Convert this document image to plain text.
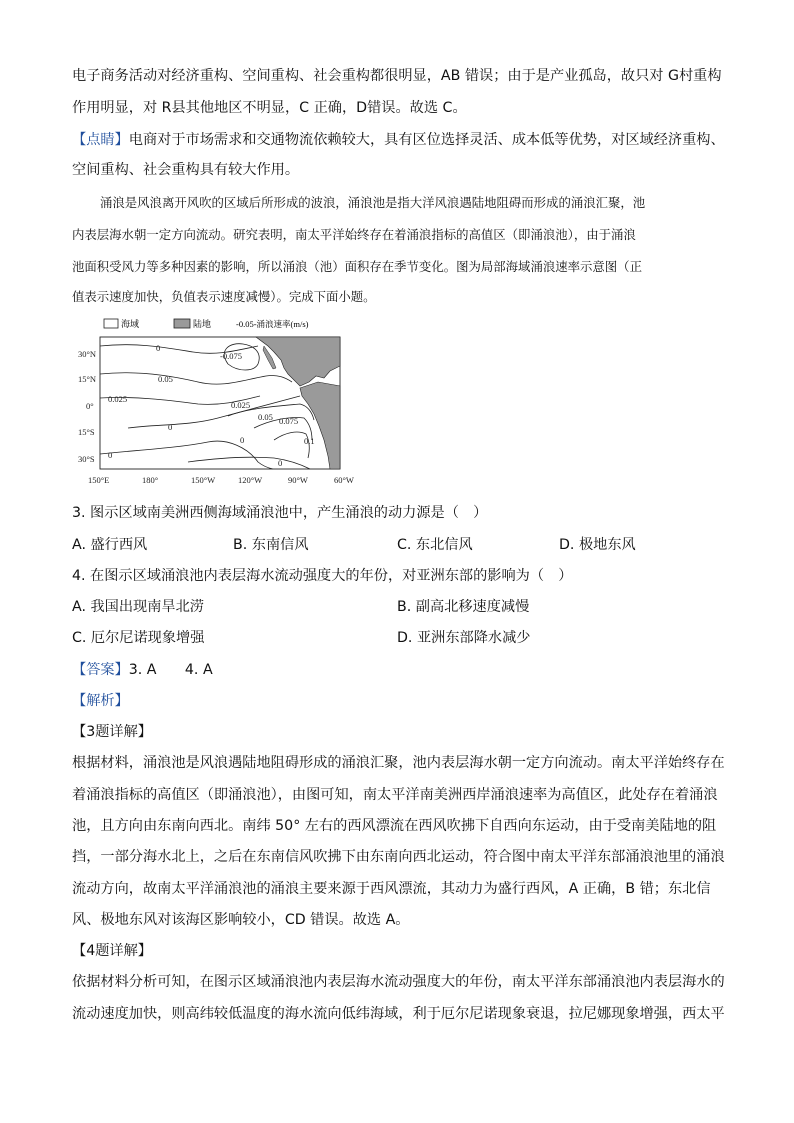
电子商务活动对经济重构、空间重构、社会重构都很明显，AB 错误；由于是产业孤岛，故只对 G村重构
作用明显，对 R县其他地区不明显，C 正确，D错误。故选 C。
【点睛】电商对于市场需求和交通物流依赖较大，具有区位选择灵活、成本低等优势，对区域经济重构、
空间重构、社会重构具有较大作用。
涌浪是风浪离开风吹的区域后所形成的波浪，涌浪池是指大洋风浪遇陆地阻碍而形成的涌浪汇聚，池
内表层海水朝一定方向流动。研究表明，南太平洋始终存在着涌浪指标的高值区（即涌浪池），由于涌浪
池面积受风力等多种因素的影响，所以涌浪（池）面积存在季节变化。图为局部海域涌浪速率示意图（正
值表示速度加快，负值表示速度减慢）。完成下面小题。
海域	陆地	-0.05-涌浪速率(m/s)
0
-0.075
0.05
0.025
0
0.025
0.05 0.075
0.1
0
0
0
30°N
15°N
0°
15°S
30°S
150°E	180°	150°W	120°W	90°W	60°W
3. 图示区域南美洲西侧海域涌浪池中，产生涌浪的动力源是（　）
A. 盛行西风	B. 东南信风	C. 东北信风	D. 极地东风
4. 在图示区域涌浪池内表层海水流动强度大的年份，对亚洲东部的影响为（　）
A. 我国出现南旱北涝	B. 副高北移速度减慢
C. 厄尔尼诺现象增强	D. 亚洲东部降水减少
【答案】3. A　　4. A
【解析】
【3题详解】
根据材料，涌浪池是风浪遇陆地阻碍形成的涌浪汇聚，池内表层海水朝一定方向流动。南太平洋始终存在
着涌浪指标的高值区（即涌浪池），由图可知，南太平洋南美洲西岸涌浪速率为高值区，此处存在着涌浪
池，且方向由东南向西北。南纬 50° 左右的西风漂流在西风吹拂下自西向东运动，由于受南美陆地的阻
挡，一部分海水北上，之后在东南信风吹拂下由东南向西北运动，符合图中南太平洋东部涌浪池里的涌浪
流动方向，故南太平洋涌浪池的涌浪主要来源于西风漂流，其动力为盛行西风，A 正确，B 错；东北信
风、极地东风对该海区影响较小，CD 错误。故选 A。
【4题详解】
依据材料分析可知，在图示区域涌浪池内表层海水流动强度大的年份，南太平洋东部涌浪池内表层海水的
流动速度加快，则高纬较低温度的海水流向低纬海域，利于厄尔尼诺现象衰退，拉尼娜现象增强，西太平
